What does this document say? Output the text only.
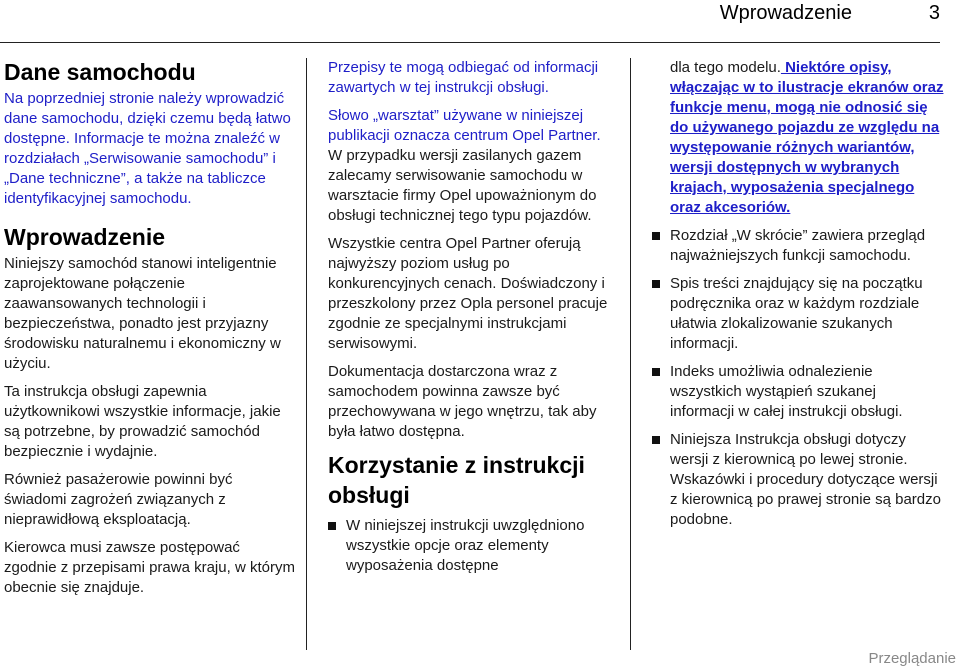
Wprowadzenie	3
Dane samochodu

Na poprzedniej stronie należy wprowadzić dane samochodu, dzięki czemu będą łatwo dostępne. Informacje te można znaleźć w rozdziałach „Serwisowanie samochodu” i „Dane techniczne”, a także na tabliczce identyfikacyjnej samochodu.

Wprowadzenie

Niniejszy samochód stanowi inteligentnie zaprojektowane połączenie zaawansowanych technologii i bezpieczeństwa, ponadto jest przyjazny środowisku naturalnemu i ekonomiczny w użyciu.

Ta instrukcja obsługi zapewnia użytkownikowi wszystkie informacje, jakie są potrzebne, by prowadzić samochód bezpiecznie i wydajnie.

Również pasażerowie powinni być świadomi zagrożeń związanych z nieprawidłową eksploatacją.

Kierowca musi zawsze postępować zgodnie z przepisami prawa kraju, w którym obecnie się znajduje.

Przepisy te mogą odbiegać od informacji zawartych w tej instrukcji obsługi.

Słowo „warsztat” używane w niniejszej publikacji oznacza centrum Opel Partner. W przypadku wersji zasilanych gazem zalecamy serwisowanie samochodu w warsztacie firmy Opel upoważnionym do obsługi technicznej tego typu pojazdów.

Wszystkie centra Opel Partner oferują najwyższy poziom usług po konkurencyjnych cenach. Doświadczony i przeszkolony przez Opla personel pracuje zgodnie ze specjalnymi instrukcjami serwisowymi.

Dokumentacja dostarczona wraz z samochodem powinna zawsze być przechowywana w jego wnętrzu, tak aby była łatwo dostępna.

Korzystanie z instrukcji obsługi
W niniejszej instrukcji uwzględniono wszystkie opcje oraz elementy wyposażenia dostępne

dla tego modelu. Niektóre opisy, włączając w to ilustracje ekranów oraz funkcje menu, mogą nie odnosić się do używanego pojazdu ze względu na występowanie różnych wariantów, wersji dostępnych w wybranych krajach, wyposażenia specjalnego oraz akcesoriów.

Rozdział „W skrócie” zawiera przegląd najważniejszych funkcji samochodu.
Spis treści znajdujący się na początku podręcznika oraz w każdym rozdziale ułatwia zlokalizowanie szukanych informacji.
Indeks umożliwia odnalezienie wszystkich wystąpień szukanej informacji w całej instrukcji obsługi.
Niniejsza Instrukcja obsługi dotyczy wersji z kierownicą po lewej stronie. Wskazówki i procedury dotyczące wersji z kierownicą po prawej stronie są bardzo podobne.
Przeglądanie
